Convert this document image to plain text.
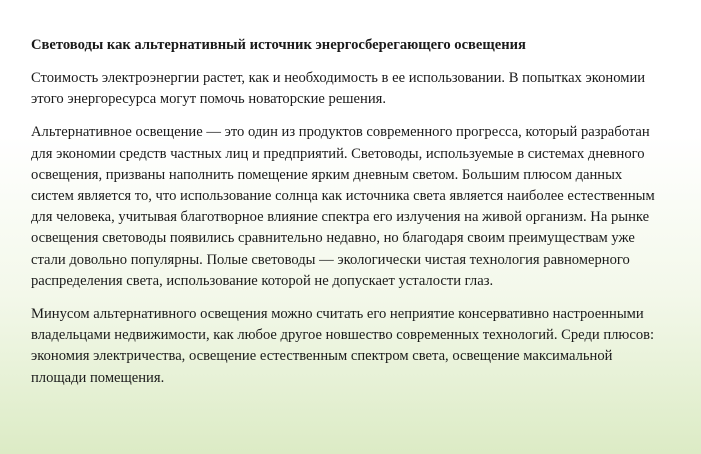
Световоды как альтернативный источник энергосберегающего освещения

Стоимость электроэнергии растет, как и необходимость в ее использовании. В попытках экономии этого энергоресурса могут помочь новаторские решения.

Альтернативное освещение — это один из продуктов современного прогресса, который разработан для экономии средств частных лиц и предприятий. Световоды, используемые в системах дневного освещения, призваны наполнить помещение ярким дневным светом. Большим плюсом данных систем является то, что использование солнца как источника света является наиболее естественным для человека, учитывая благотворное влияние спектра его излучения на живой организм. На рынке освещения световоды появились сравнительно недавно, но благодаря своим преимуществам уже стали довольно популярны. Полые световоды — экологически чистая технология равномерного распределения света, использование которой не допускает усталости глаз.

Минусом альтернативного освещения можно считать его неприятие консервативно настроенными владельцами недвижимости, как любое другое новшество современных технологий. Среди плюсов: экономия электричества, освещение естественным спектром света, освещение максимальной площади помещения.
